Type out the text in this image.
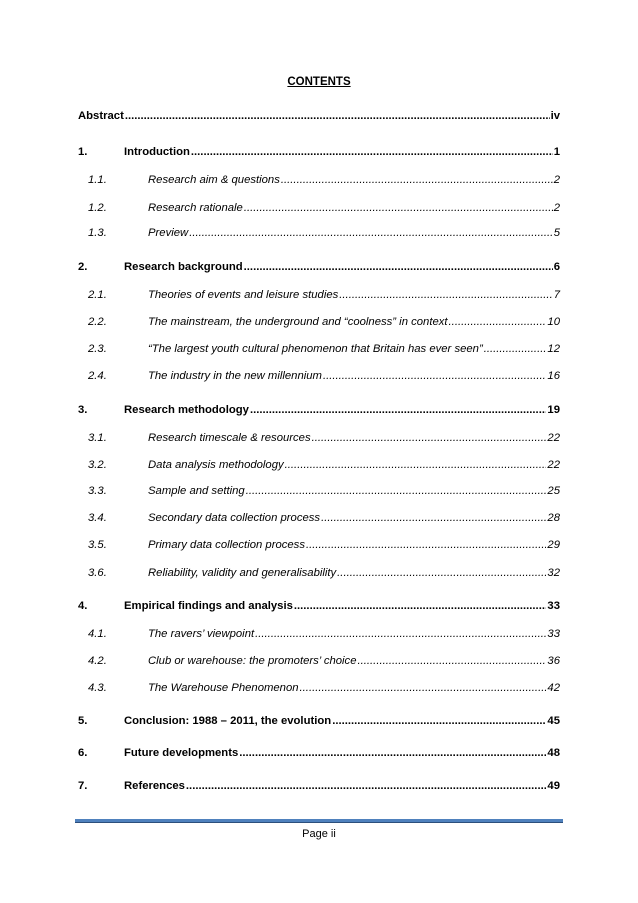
CONTENTS
Abstract .....	iv
1.	Introduction .....	1
1.1.	Research aim & questions .....	2
1.2.	Research rationale .....	2
1.3.	Preview .....	5
2.	Research background .....	6
2.1.	Theories of events and leisure studies .....	7
2.2.	The mainstream, the underground and “coolness” in context .....	10
2.3.	“The largest youth cultural phenomenon that Britain has ever seen” .....	12
2.4.	The industry in the new millennium .....	16
3.	Research methodology .....	19
3.1.	Research timescale & resources .....	22
3.2.	Data analysis methodology .....	22
3.3.	Sample and setting .....	25
3.4.	Secondary data collection process .....	28
3.5.	Primary data collection process .....	29
3.6.	Reliability, validity and generalisability .....	32
4.	Empirical findings and analysis .....	33
4.1.	The ravers’ viewpoint .....	33
4.2.	Club or warehouse: the promoters’ choice .....	36
4.3.	The Warehouse Phenomenon .....	42
5.	Conclusion: 1988 – 2011, the evolution .....	45
6.	Future developments .....	48
7.	References .....	49
Page ii
